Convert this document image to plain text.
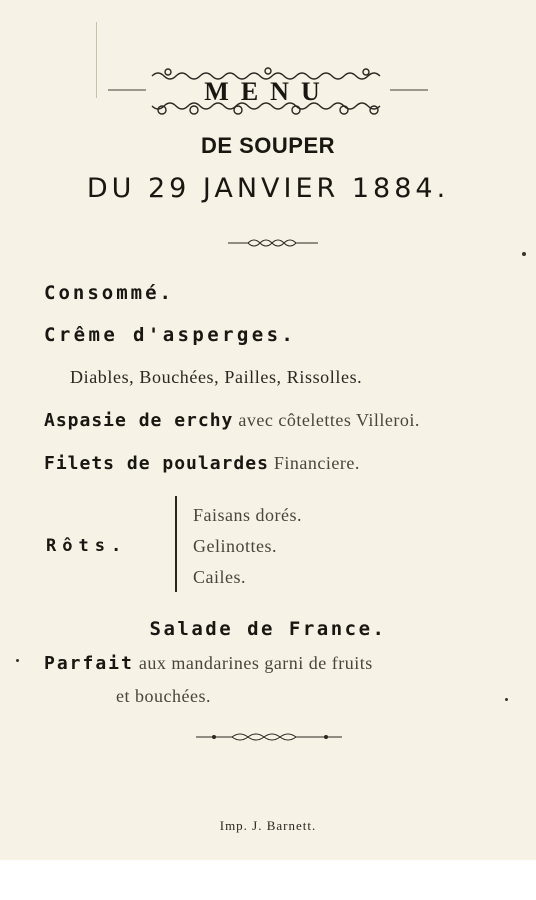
MENU
DE SOUPER
DU 29 JANVIER 1884.
Consommé.
Crême d'asperges.
Diables, Bouchées, Pailles, Rissolles.
Aspasie de erchy avec côtelettes Villeroi.
Filets de poulardes Financiere.
Rôts.
Faisans dorés.
Gelinottes.
Cailes.
Salade de France.
Parfait aux mandarines garni de fruits
et bouchées.
Imp. J. Barnett.
